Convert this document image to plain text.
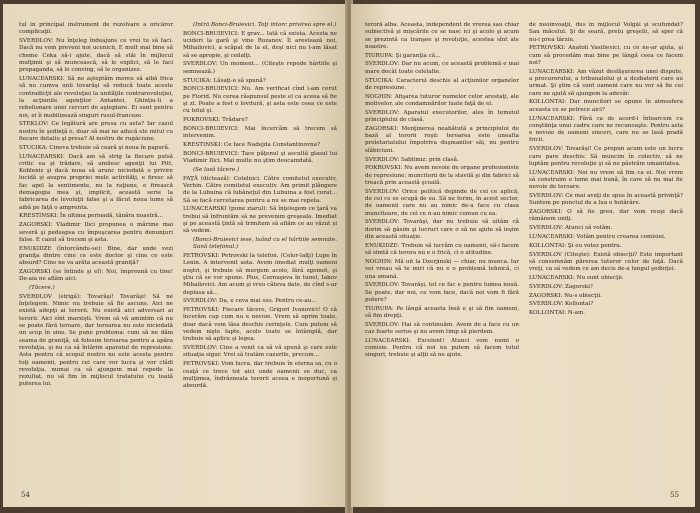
tul în principal instrument de rezolvare a oricăror complicaţii.

SVERDLOV: Nu înţeleg îndeajuns ce vrei tu să faci. Dacă nu vom preveni noi ucenicii, E mult mai bine să cheme Ceka să-i ajute, dacă să stăi în mijlocul mulţimii şi să muncească, să le explici, să le faci propaganda, să le conving, să le organizez.

LUNACEARSKI: Să ne aşteptăm mereu să aibă frica să nu cumva unii tovarăşi să reducă toate aceste contradicţii ale revoluţiei la unităţile contrarevoluţiei, la acţiunile agenţilor Antantei, Ghinţiu-li a rebelionare unei cercuri de aşteptare. Ei sunt pentru noi, ei îi mobilizează singuri rusul-franceze.

STEKLOV: Ce legătură are presa cu asta? Iar cazul nostru în şedinţă e, doar să mai ne aducă ele mitul cu fiecare detaliu şi presa? Al nostru de rugăciune.

STUCIKA: Cineva trebuie să ceară şi noua în papură.

LUNACEARSKI: Dacă am să strig la fiecare pulsă critic ea şi trădare, să umilesc agenţii lui Pitt, Kobleniz şi dacă noua să arunc niciodată o privire lucidă şi asupra propriei mele activităţi, e firesc să fac apel la sentimente, nu la raţiune, e firească demagogia mea şi, implicit, această serie la fabricarea de levoluţii false şi a făcut noua lume să aibă pe faţă o amprenta.

KRESTINSKI: În ultima perioadă, tânăra noastră...

ZAGORSKI: Vladimir Ilici propunea o mărime mai severă şi pedeapsa cu împuşcarea pentru denunţuri false. E cazul să trecem şi asta.

ENUKIDZE (întorcându-se): Bine, dar unde vezi graniţa dintre cine ce este doctor şi cine ce este absurd? Cine ne va arăta această graniţă?

ZAGORSKI (se întinde şi el): Noi, împreună cu tine! De-aia ne aflăm aici.

(Tăcere.)

SVERDLOV (strigă): Tovarăşi! Tovarăşi! Să ne înţelegem. Nimic nu trebuie să fie ascuns. Aici ne există adepţi ai terorii. Nu există aici adversari ai terorii. Aici sînt marxişti. Vrem să vă amintim că nu se poate fără teroare, dar teroarea nu este niciodată un scop în sine. Se pune problema: cum să ne dăm seama de graniţă, să folosim teroarea pentru a apăra revoluţia, şi nu ca să întărim aparatul de represiune. Asta pentru că scopul nostru nu este acesta pentru toţi oamenii, pentru cei care vor lucra şi vor clădi revoluţia, numai ca să ajungem mai repede la rezultat, nu să fim în mijlocul tratatului cu toată puterea lui.

(Intră Bonci-Bruievici. Toţi întorc privirea spre el.)

BONCI-BRUIEVICI: E grav... Iată că exista. Acesta ne ucideri la gară şi vine Rozanov. Îl arestează noi, Mihailovici, a scăpat de la el, deşi nici nu l-am lăsat să se apropie, şi ceilalţi.

SVERDLOV: Un moment... (Citeşte repede hârtiile şi semnează.)

STUCIKA: Lăsaţi-o să spună?

BONCI-BRUIEVICI: Nu. Am verificat cînd i-am cerut pe Fiorid. Nu cerea răspunsul peste el ca aceea să fie şi zi. Poate a fost o lovitură, şi asta este ceea ce este cu totul şi.

POKROVSKI: Trădare?

BONCI-BRUIEVICI: Mai încercăm să trecem să intervenim.

KRESTINSKI: Ce face Nadejda Constantinovna?

BONCI-BRUIEVICI: Tace păţenul şi ascultă glasul lui Vladimir Ilici. Mai multe nu ştim deocamdată.

(Se lasă tăcere.)

FAŢĂ (dictează): Cotelnici. Către comitetul executiv, Verhin. Către comitetul executiv. Am primit plângere de la Lubuina că lubăneţul din Lubuina a fost curat... Să se facă cercetarea pentru a nu se mai repeta.

LUNACEARSKI (pune ziarul): Să înţelegem ce ţară va trebui să înfruntăm să ne prevenim greşeala. Imediat şi pe această ţintă să trimitem să aflăm ce au văzut şi să vedem.

(Bonci-Bruievici iese, luând cu el hârtiile semnate. Sună telefonul.)

PETROVSKI: Petrovski la telefon. (Celor-lalţi) Lupe în Lenin. A intervenit asta. Avem imediat mulţi oameni noştri, şi trebuie să mergem acolo, fără zgomot, şi ştiu că se vor spune. Plus, Cernuşeva în tunel, Iakov Mihailovici. Am acum şi vreo câteva date, de cînd s-ar deplasa să...

SVERDLOV: Da, e ceva mai sus. Pentru ce-au...

PETROVSKI: Fiecare tăcere, Grigori Ivanovici! O că încerăm cap cum nu e nevoie. Vrem să oprim toate, doar dacă vom lăsa deschis cerinţele. Cum putem să vedem nişte fapte, acolo toate se întâmplă, dar trebuie să aplice şi legea.

SVERDLOV: Cine a venit ca să vă spună şi care este situaţia sigur. Vrei să tratăm cazurile, precum...

PETROVSKI: Vom lucra, dar trebuie în eterna sa, cu o ceaţă ce trece tot aici unde oamenii se duc, ca mulţimea, îndrăzneala terorii aceea e inoportună şi absurdă.

54

teroră alba. Aceasta, independent de vrerea sau chiar subiectivă şi mişcările ce se nasc ici şi acolo şi acum se prezintă ca tranşee şi revoluţie, acestea sînt ale noastre.

TIURUPA: Şi garanţia că...

SVERDLOV: Dar nu acum, ce această problemă e mai mare decât toate celelalte.

STUCIKA: Caracterul deschis al acţiunilor organelor de represiune.

NOGHIN: Afişarea tuturor numelor celor arestaţi, ale motivelor, ale condamnărilor luate faţă de ei.

SVERDLOV: Aparatul executorilor, ales în temeiul principiului de clasă.

ZAGORSKI: Menţinerea neabătută a principiului de bază al terorii roşii: teroarea este unealta proletariatului împotriva duşmanilor săi, nu pentru slăbiciuni.

SVERDLOV: Sablimiz: prin clasă.

POKROVSKI: Nu avem nevoie de organe profesioniste de represiune; muncitorii de la stavilă şi din fabrici să treacă prin această şcoală.

SVERDLOV: Orice politică depinde de cei ce aplică, de cei ce se ocupă de ea. Să ne ferim, în acest sector, de oamenii care nu au nimic de-a face cu clasa muncitoare, de cei ce n-au nimic comun cu ea.

SVERDLOV: Tovarăşi, dar nu trebuie să uităm că dorim să găsim şi lucruri care o să ne ajute să ieşim din această situaţie.

ENUKIDZE: Trebuie să lucrăm cu oamenii, să-i facem să simtă că terora nu e o frică, ci o atitudine.

NOGHIN: Mă uit la Dzerjinski — chiar, nu munca. Iar vei vreau să te miri că nu e o problemă tehnică, ci una umană.

SVERDLOV: Tovarăşi, tot ce fac e pentru lumea nouă. Se poate, dar noi, ce vom face, dacă noi vom fi fără putere?

TIURUPA: Pe lângă aceasta însă e şi să fim oameni, să fim drepţi.

SVERDLOV: Hai să continuăm. Avem de a face cu un caz foarte serios şi nu avem timp să pierdem.

LUNACEARSKI: Excelent! Atunci vom numi o comisie. Pentru că noi nu putem să facem totul singuri, trebuie şi alţii să ne ajute.

de neoinvoaţii, dus în mijlocul Volgăi şi scufundat? Sau măcelul. Şi de seară, prețu greşelii, să sper că nu-i prea târziu.

PETROVSKI: Anatoli Vasilievici, cu ce ne-ar ajuta, şi cum să procedăm mai bine pe lângă ceea ce facem noi?

LUNACEARSKI: Am văzut desfăşurarea unei dispute, a procurorului, a tribunalului şi a dezbaterii care au urmat. Şi ştim că sunt oameni care nu vor să fie cei care ne ajută să ajungem la adevăr.

KOLLONTAI: Dar muncitori se opune în atmosfera aceasta ce se petrece aici?

LUNACEARSKI: Fără ca de acord-i întoarcem cu conştiinţa unui cadru care ne recunoaşte. Pentru asta e nevoie de oameni sinceri, care nu se lasă pradă fricii.

SVERDLOV: Tovarăşi! Ce propun acum este un lucru care pare deschis: Să muncim în colectiv, să ne luptăm pentru revoluţie şi să ne păstrăm umanitatea.

LUNACEARSKI: Noi nu vrem să fim ca ei. Noi vrem să construim o lume mai bună, în care să nu mai fie nevoie de teroare.

SVERDLOV: Ce mai aveţi de spus în această privinţă? Suntem pe punctul de a lua o hotărâre.

ZAGORSKI: O să fie greu, dar vom reuşi dacă rămânem uniţi.

SVERDLOV: Atunci să votăm.

LUNACEARSKI: Votăm pentru crearea comisiei.

KOLLONTAI: Şi eu votez pentru.

SVERDLOV (Citeşte): Există obiecţii? Este important să consemnăm părerea tuturor celor de faţă. Dacă vreţi, ca să vedem ce am decis de-a lungul şedinţei.

LUNACEARSKI: Nu sunt obiecţii.

SVERDLOV: Zagorski?

ZAGORSKI: Nu-s obiecţii.

SVERDLOV: Kollontai?

KOLLONTAI: N-am.

55
